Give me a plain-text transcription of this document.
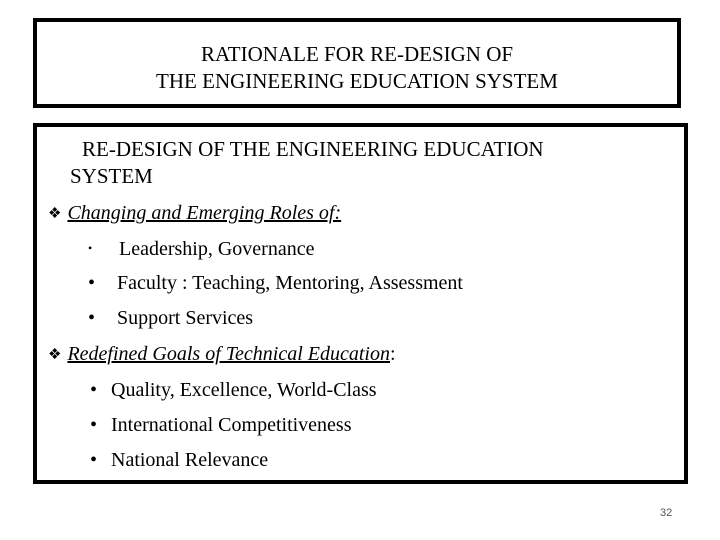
RATIONALE FOR RE-DESIGN OF
THE ENGINEERING EDUCATION SYSTEM
RE-DESIGN OF THE ENGINEERING EDUCATION
SYSTEM
❖ Changing and Emerging Roles of:
• Leadership, Governance
• Faculty : Teaching, Mentoring, Assessment
• Support Services
❖ Redefined Goals of Technical Education:
• Quality, Excellence, World-Class
• International Competitiveness
• National Relevance
32
